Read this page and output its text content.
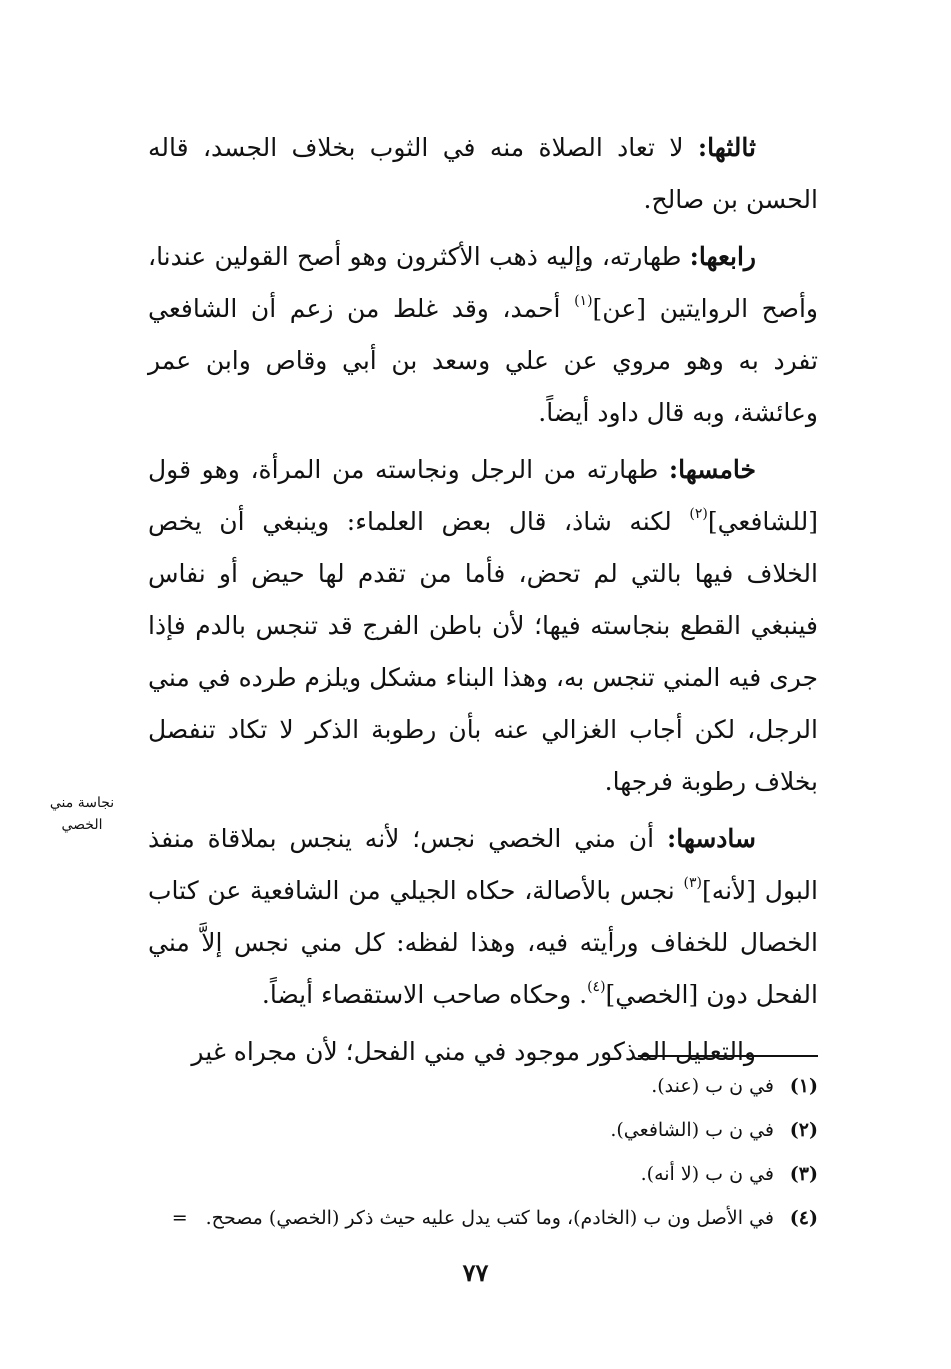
ثالثها: لا تعاد الصلاة منه في الثوب بخلاف الجسد، قاله الحسن بن صالح.

رابعها: طهارته، وإليه ذهب الأكثرون وهو أصح القولين عندنا، وأصح الروايتين [عن]$^{(١)}$ أحمد، وقد غلط من زعم أن الشافعي تفرد به وهو مروي عن علي وسعد بن أبي وقاص وابن عمر وعائشة، وبه قال داود أيضاً.

خامسها: طهارته من الرجل ونجاسته من المرأة، وهو قول [للشافعي]$^{(٢)}$ لكنه شاذ، قال بعض العلماء: وينبغي أن يخص الخلاف فيها بالتي لم تحض، فأما من تقدم لها حيض أو نفاس فينبغي القطع بنجاسته فيها؛ لأن باطن الفرج قد تنجس بالدم فإذا جرى فيه المني تنجس به، وهذا البناء مشكل ويلزم طرده في مني الرجل، لكن أجاب الغزالي عنه بأن رطوبة الذكر لا تكاد تنفصل بخلاف رطوبة فرجها.

سادسها: أن مني الخصي نجس؛ لأنه ينجس بملاقاة منفذ البول [لأنه]$^{(٣)}$ نجس بالأصالة، حكاه الجيلي من الشافعية عن كتاب الخصال للخفاف ورأيته فيه، وهذا لفظه: كل مني نجس إلاَّ مني الفحل دون [الخصي]$^{(٤)}$. وحكاه صاحب الاستقصاء أيضاً.

والتعليل المذكور موجود في مني الفحل؛ لأن مجراه غير

نجاسة مني
الخصي
(١)في ن ب (عند).
(٢)في ن ب (الشافعي).
(٣)في ن ب (لا أنه).
(٤)في الأصل ون ب (الخادم)، وما كتب يدل عليه حيث ذكر (الخصي) مصحح.=
٧٧
